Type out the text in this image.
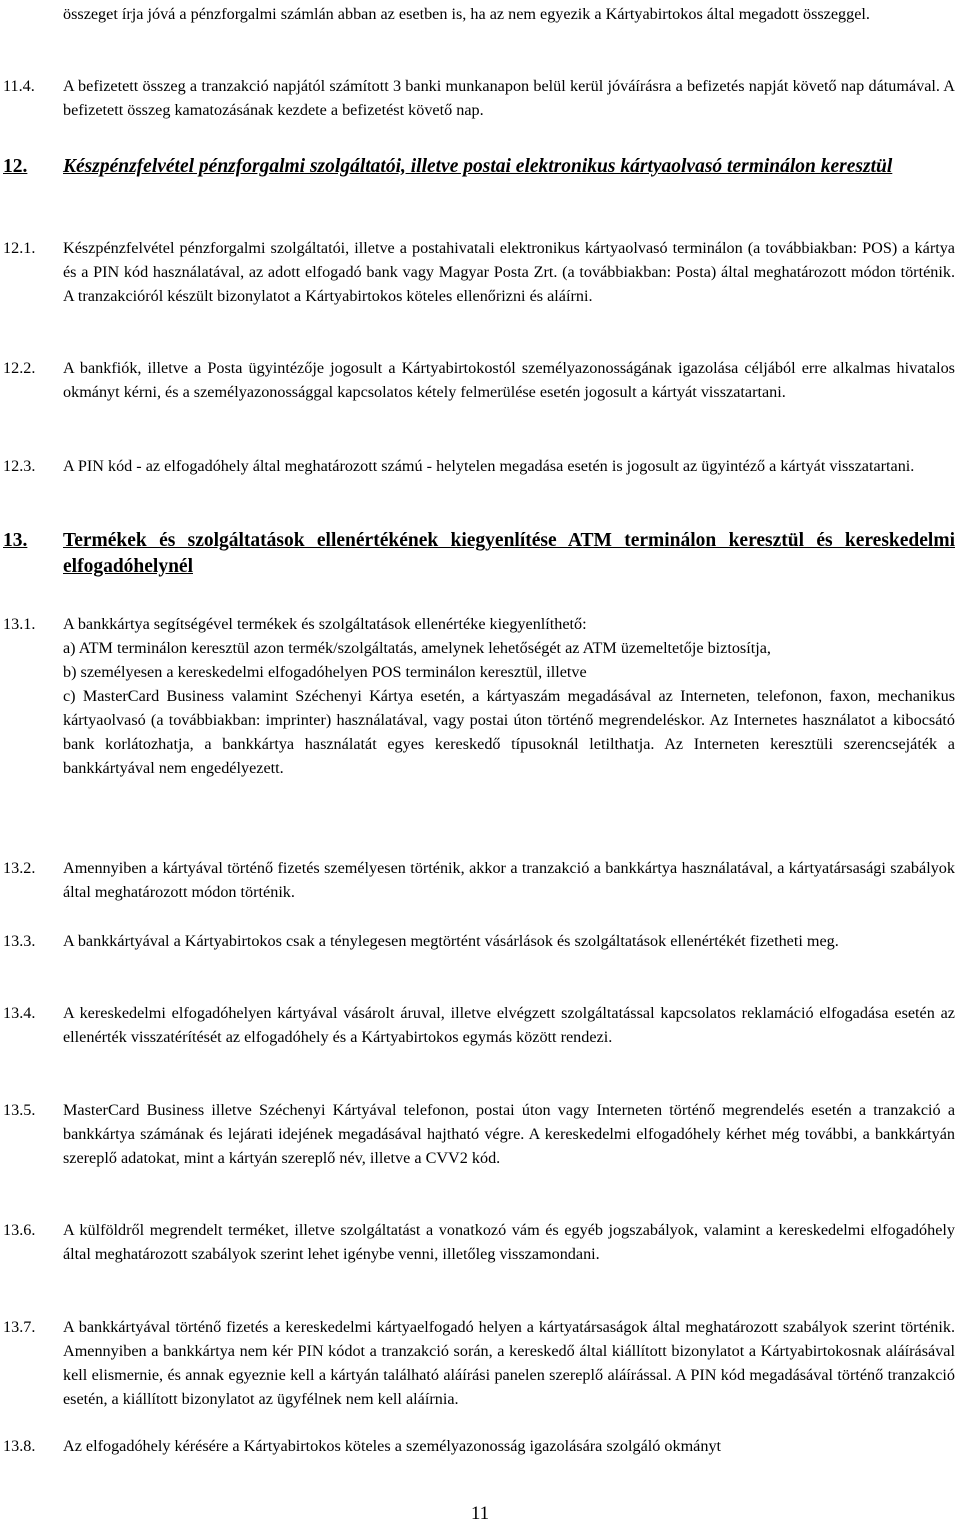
összeget írja jóvá a pénzforgalmi számlán abban az esetben is, ha az nem egyezik a Kártyabirtokos által megadott összeggel.
11.4. A befizetett összeg a tranzakció napjától számított 3 banki munkanapon belül kerül jóváírásra a befizetés napját követő nap dátumával. A befizetett összeg kamatozásának kezdete a befizetést követő nap.
12. Készpénzfelvétel pénzforgalmi szolgáltatói, illetve postai elektronikus kártyaolvasó terminálon keresztül
12.1. Készpénzfelvétel pénzforgalmi szolgáltatói, illetve a postahivatali elektronikus kártyaolvasó terminálon (a továbbiakban: POS) a kártya és a PIN kód használatával, az adott elfogadó bank vagy Magyar Posta Zrt. (a továbbiakban: Posta) által meghatározott módon történik. A tranzakcióról készült bizonylatot a Kártyabirtokos köteles ellenőrizni és aláírni.
12.2. A bankfiók, illetve a Posta ügyintézője jogosult a Kártyabirtokostól személyazonosságának igazolása céljából erre alkalmas hivatalos okmányt kérni, és a személyazonossággal kapcsolatos kétely felmerülése esetén jogosult a kártyát visszatartani.
12.3. A PIN kód - az elfogadóhely által meghatározott számú - helytelen megadása esetén is jogosult az ügyintéző a kártyát visszatartani.
13. Termékek és szolgáltatások ellenértékének kiegyenlítése ATM terminálon keresztül és kereskedelmi elfogadóhelynél
13.1. A bankkártya segítségével termékek és szolgáltatások ellenértéke kiegyenlíthető:
a) ATM terminálon keresztül azon termék/szolgáltatás, amelynek lehetőségét az ATM üzemeltetője biztosítja,
b) személyesen a kereskedelmi elfogadóhelyen POS terminálon keresztül, illetve
c) MasterCard Business valamint Széchenyi Kártya esetén, a kártyaszám megadásával az Interneten, telefonon, faxon, mechanikus kártyaolvasó (a továbbiakban: imprinter) használatával, vagy postai úton történő megrendeléskor. Az Internetes használatot a kibocsátó bank korlátozhatja, a bankkártya használatát egyes kereskedő típusoknál letilthatja. Az Interneten keresztüli szerencsejáték a bankkártyával nem engedélyezett.
13.2. Amennyiben a kártyával történő fizetés személyesen történik, akkor a tranzakció a bankkártya használatával, a kártyatársasági szabályok által meghatározott módon történik.
13.3. A bankkártyával a Kártyabirtokos csak a ténylegesen megtörtént vásárlások és szolgáltatások ellenértékét fizetheti meg.
13.4. A kereskedelmi elfogadóhelyen kártyával vásárolt áruval, illetve elvégzett szolgáltatással kapcsolatos reklamáció elfogadása esetén az ellenérték visszatérítését az elfogadóhely és a Kártyabirtokos egymás között rendezi.
13.5. MasterCard Business illetve Széchenyi Kártyával telefonon, postai úton vagy Interneten történő megrendelés esetén a tranzakció a bankkártya számának és lejárati idejének megadásával hajtható végre. A kereskedelmi elfogadóhely kérhet még további, a bankkártyán szereplő adatokat, mint a kártyán szereplő név, illetve a CVV2 kód.
13.6. A külföldről megrendelt terméket, illetve szolgáltatást a vonatkozó vám és egyéb jogszabályok, valamint a kereskedelmi elfogadóhely által meghatározott szabályok szerint lehet igénybe venni, illetőleg visszamondani.
13.7. A bankkártyával történő fizetés a kereskedelmi kártyaelfogadó helyen a kártyatársaságok által meghatározott szabályok szerint történik. Amennyiben a bankkártya nem kér PIN kódot a tranzakció során, a kereskedő által kiállított bizonylatot a Kártyabirtokosnak aláírásával kell elismernie, és annak egyeznie kell a kártyán található aláírási panelen szereplő aláírással. A PIN kód megadásával történő tranzakció esetén, a kiállított bizonylatot az ügyfélnek nem kell aláírnia.
13.8. Az elfogadóhely kérésére a Kártyabirtokos köteles a személyazonosság igazolására szolgáló okmányt
11
